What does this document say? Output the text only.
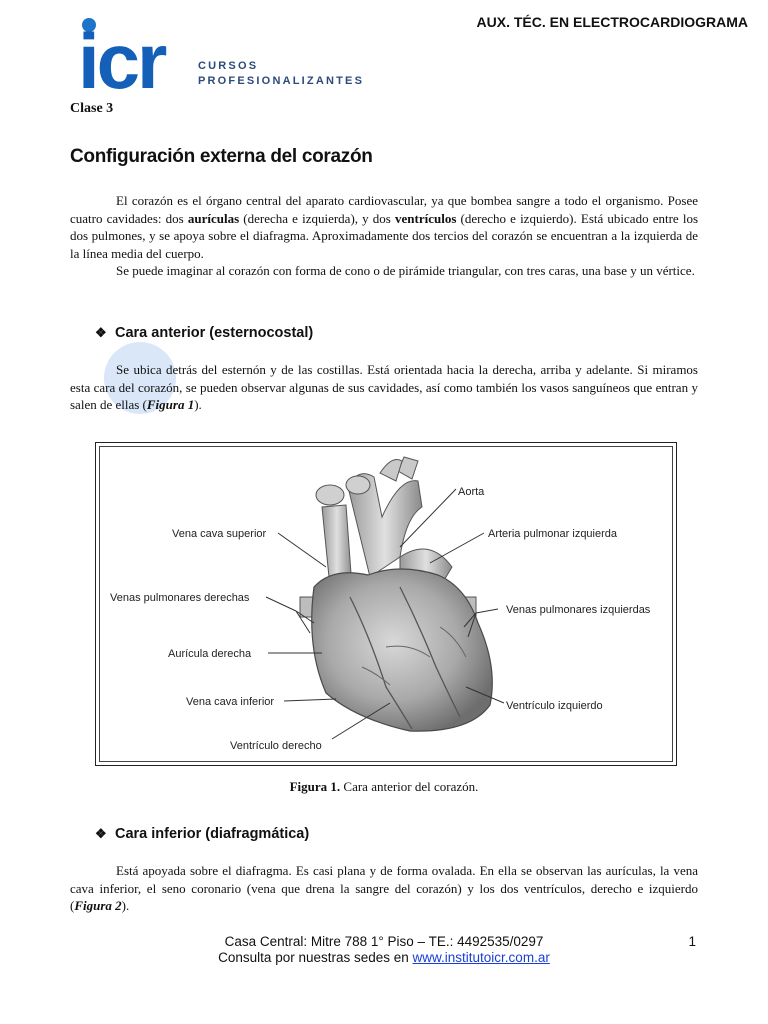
AUX. TÉC. EN ELECTROCARDIOGRAMA
icr	CURSOS
PROFESIONALIZANTES
Clase 3
Configuración externa del corazón

El corazón es el órgano central del aparato cardiovascular, ya que bombea sangre a todo el organismo. Posee cuatro cavidades: dos aurículas (derecha e izquierda), y dos ventrículos (derecho e izquierdo). Está ubicado entre los dos pulmones, y se apoya sobre el diafragma. Aproximadamente dos tercios del corazón se encuentran a la izquierda de la línea media del cuerpo.

Se puede imaginar al corazón con forma de cono o de pirámide triangular, con tres caras, una base y un vértice.

❖ Cara anterior (esternocostal)

Se ubica detrás del esternón y de las costillas. Está orientada hacia la derecha, arriba y adelante. Si miramos esta cara del corazón, se pueden observar algunas de sus cavidades, así como también los vasos sanguíneos que entran y salen de ellas (Figura 1).

Aorta
Vena cava superior	Arteria pulmonar izquierda
Venas pulmonares derechas
Venas pulmonares izquierdas
Aurícula derecha
Vena cava inferior	Ventrículo izquierdo
Ventrículo derecho
Figura 1. Cara anterior del corazón.
❖ Cara inferior (diafragmática)

Está apoyada sobre el diafragma. Es casi plana y de forma ovalada. En ella se observan las aurículas, la vena cava inferior, el seno coronario (vena que drena la sangre del corazón) y los dos ventrículos, derecho e izquierdo (Figura 2).

Casa Central: Mitre 788 1° Piso – TE.: 4492535/0297
Consulta por nuestras sedes en www.institutoicr.com.ar
1
